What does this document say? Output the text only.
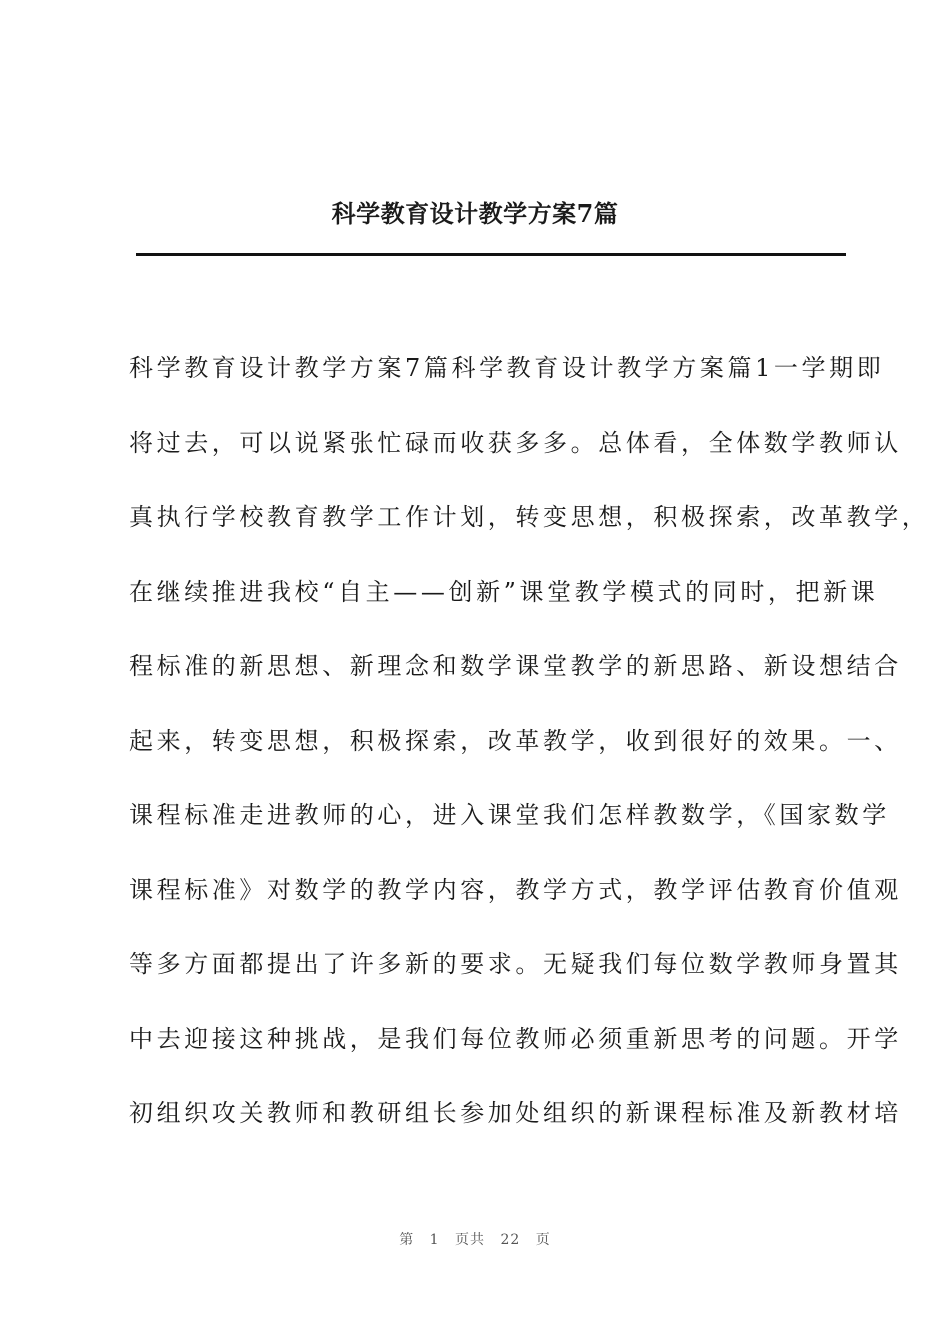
科学教育设计教学方案7篇
科学教育设计教学方案7篇科学教育设计教学方案篇1一学期即
将过去，可以说紧张忙碌而收获多多。总体看，全体数学教师认
真执行学校教育教学工作计划，转变思想，积极探索，改革教学，
在继续推进我校“自主——创新”课堂教学模式的同时，把新课
程标准的新思想、新理念和数学课堂教学的新思路、新设想结合
起来，转变思想，积极探索，改革教学，收到很好的效果。一、
课程标准走进教师的心，进入课堂我们怎样教数学，《国家数学
课程标准》对数学的教学内容，教学方式，教学评估教育价值观
等多方面都提出了许多新的要求。无疑我们每位数学教师身置其
中去迎接这种挑战，是我们每位教师必须重新思考的问题。开学
初组织攻关教师和教研组长参加处组织的新课程标准及新教材培
第 1 页共 22 页
